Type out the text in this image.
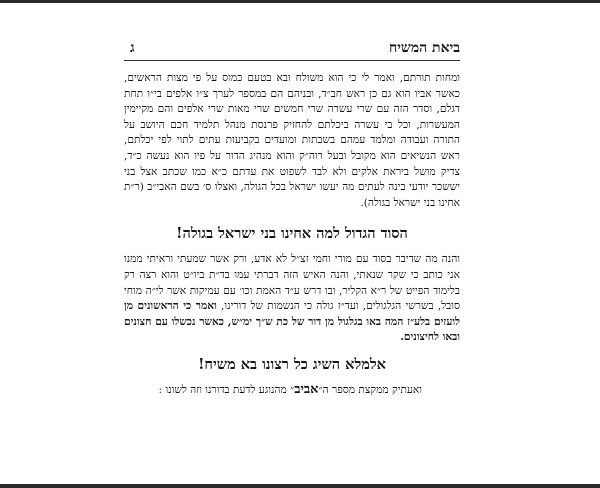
ביאת המשיח
ג

ומחות תורתם, ואמר לי כי הוא משולח ובא בטעם כמוס על פי מצות הראשים, כאשר אביו הוא גם כן ראש חב״ד, ובניהם הם במספר לערך צ״ו אלפים בי״ו תחת דגלם, וסדר הזה עם שרי עשרה שרי חמשים שרי מאות שרי אלפים והם מקיימין המעשרות, וכל בי עשרה ביכלתם להחזיק פרנסת מנהל תלמיד חכם היושב על התורה ועבודה ומלמד עמהם בשבתות ומועדים בקביעות עתים לתוי לפי יכלתם, ראש הנשיאים הוא מקובל ובעל רוה״ק והוא מנהיג הדור על פיו הוא נעשה כ״ד, צדיק מושל ביראת אלקים ולא לבד לשפוט את עדתם כ״א כמו שכתב אצל בני יששכר יודעי בינה לעתים מה יעשו ישראל בכל הגולה, ואצלו ס׳ בשם האבי״ב (ר״ת אחינו בני ישראל בגולה).

הסוד הגדול למה אחינו בני ישראל בגולה!

והנה מה שדיבר בסוד עם מורי וחמי זצ״ל לא אדע, ורק אשר שמעתי וראיתי ממנו אני כותב כי שקר שנאתי, והנה האיש הזה דברתי עמו בד״ת ביו״ט והוא רצה רק בלימוד הפייט של ר״א הקליר, ובו דרש ע״ד האמת וכו׳ עם עמיקות אשר לי״ה מוחי סובל, בשרשי הגלגולים, ועד״ז גולה כי הנשמות של דורינו, ואמר כי הראשונים מן לועזים בלע״ז המה באו בגלגול מן דור של כת ש״ך ימ״ש, כאשר נכשלו עם חצונים ובאו לחיצונים.

אלמלא השיג כל רצונו בא משיח!

ואעתיק ממקצת מספר ה״אביב״ מהנוגע לדעת בדורנו וזה לשונו :
